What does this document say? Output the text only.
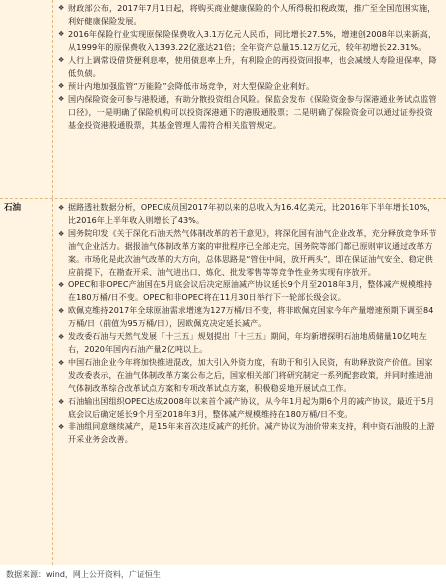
❖ 财政部公布，2017年7月1日起，将购买商业健康保险的个人所得税扣税政策，推广至全国范围实施，利好健康保险发展。
❖ 2016年保险行业实现原保险保费收入3.1万亿元人民币，同比增长27.5%，增速创2008年以来新高，从1999年的原保费收入1393.22亿涨达21倍；全年资产总量15.12万亿元，较年初增长22.31%。
❖ 人行上调常设借贷便利息率，使用债息率上升，有利险企的再投资回报率，也会减缓人寿险退保率，降低负债。
❖ 预计内地加强监管“万能险”会降低市场竞争，对大型保险企业利好。
❖ 国内保险资金可参与港股通，有助分散投资组合风险。保监会发布《保险资金参与深港通业务试点监管口径》，一是明确了保险机构可以投资深港通下的港股通股票；二是明确了保险资金可以通过证券投资基金投资港股通股票，其基金管理人需符合相关监管规定。
石油	❖ 据路透社数据分析，OPEC成员国2017年初以来的总收入为16.4亿美元，比2016年下半年增长10%，比2016年上半年收入则增长了43%。
❖ 国务院印发《关于深化石油天然气体制改革的若干意见》，将深化国有油气企业改革，充分释放竞争环节油气企业活力。据报油气体制改革方案的审批程序已全部走完，国务院等部门都已原则审议通过改革方案。市场化是此次油气改革的大方向，总体思路是“管住中间，放开两头”，即在保证油气安全、稳定供应前提下，在勘查开采、油气进出口、炼化、批发零售等等竞争性业务实现有序放开。
❖ OPEC和非OPEC产油国在5月底会议后决定原油减产协议延长9个月至2018年3月，整体减产规模维持在180万桶/日不变。OPEC和非OPEC将在11月30日举行下一轮部长级会议。
❖ 欧佩克维持2017年全球原油需求增速为127万桶/日不变，将非欧佩克国家今年产量增速预期下调至84万桶/日（前值为95万桶/日），因欧佩克决定延长减产。
❖ 发改委石油与天然气发展「十三五」规划提出「十三五」期间，年均新增探明石油地质储量10亿吨左右，2020年国内石油产量2亿吨以上。
❖ 中国石油企业今年将加快推进混改，加大引入外资力度，有助于和引入民资，有助释放资产价值。国家发改委表示，在油气体制改革方案公布之后，国家相关部门将研究制定一系列配套政策，并同时推进油气体制改革综合改革试点方案和专项改革试点方案，积极稳妥地开展试点工作。
❖ 石油输出国组织OPEC达成2008年以来首个减产协议，从今年1月起为期6个月的减产协议，最近于5月底会议后确定延长9个月至2018年3月，整体减产规模维持在180万桶/日不变。
❖ 非油组同意继续减产，是15年来首次违反减产的托价。减产协议为油价带来支持，利中资石油股的上游开采业务会改善。
数据来源：wind，网上公开资料，广证恒生
